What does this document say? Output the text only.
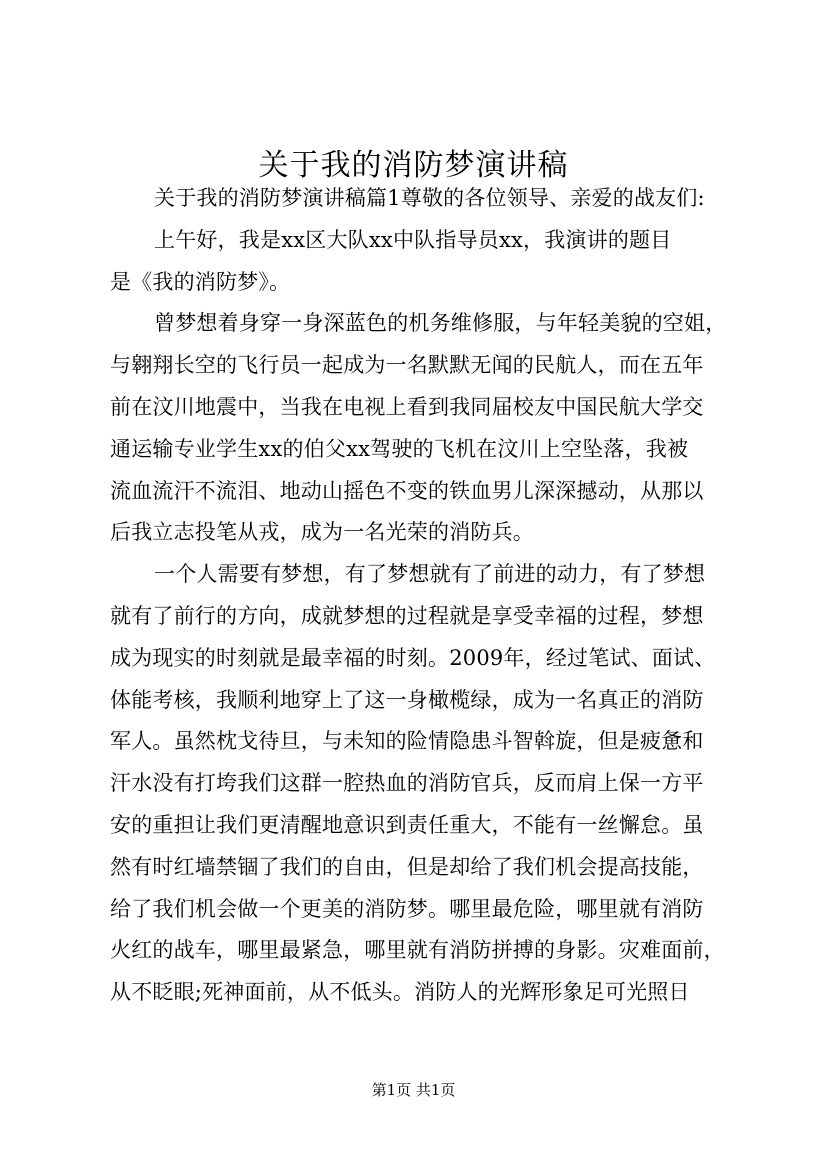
关于我的消防梦演讲稿
关于我的消防梦演讲稿篇1尊敬的各位领导、亲爱的战友们:
上午好，我是xx区大队xx中队指导员xx，我演讲的题目
是《我的消防梦》。
曾梦想着身穿一身深蓝色的机务维修服，与年轻美貌的空姐，
与翱翔长空的飞行员一起成为一名默默无闻的民航人，而在五年
前在汶川地震中，当我在电视上看到我同届校友中国民航大学交
通运输专业学生xx的伯父xx驾驶的飞机在汶川上空坠落，我被
流血流汗不流泪、地动山摇色不变的铁血男儿深深撼动，从那以
后我立志投笔从戎，成为一名光荣的消防兵。
一个人需要有梦想，有了梦想就有了前进的动力，有了梦想
就有了前行的方向，成就梦想的过程就是享受幸福的过程，梦想
成为现实的时刻就是最幸福的时刻。2009年，经过笔试、面试、
体能考核，我顺利地穿上了这一身橄榄绿，成为一名真正的消防
军人。虽然枕戈待旦，与未知的险情隐患斗智斡旋，但是疲惫和
汗水没有打垮我们这群一腔热血的消防官兵，反而肩上保一方平
安的重担让我们更清醒地意识到责任重大，不能有一丝懈怠。虽
然有时红墙禁锢了我们的自由，但是却给了我们机会提高技能，
给了我们机会做一个更美的消防梦。哪里最危险，哪里就有消防
火红的战车，哪里最紧急，哪里就有消防拼搏的身影。灾难面前，
从不眨眼;死神面前，从不低头。消防人的光辉形象足可光照日
第1页 共1页
